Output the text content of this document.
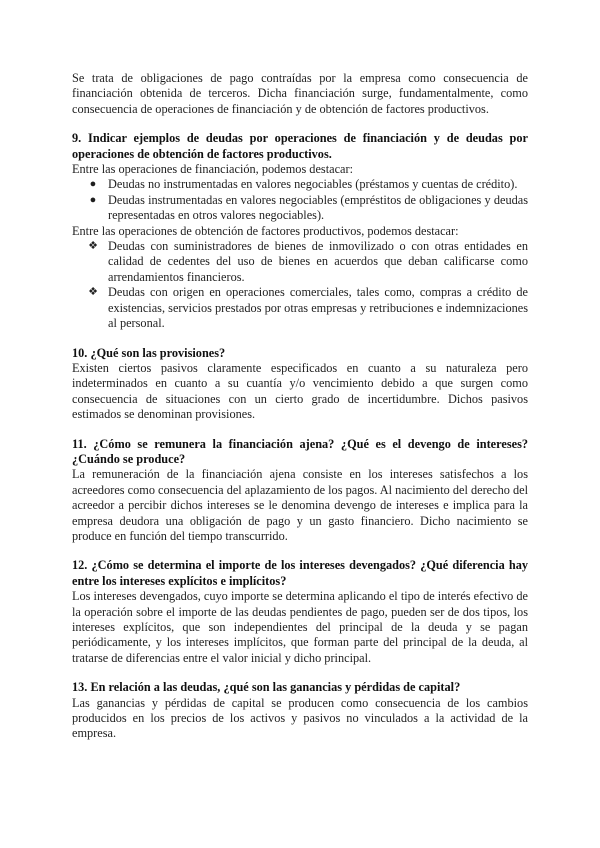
Se trata de obligaciones de pago contraídas por la empresa como consecuencia de financiación obtenida de terceros. Dicha financiación surge, fundamentalmente, como consecuencia de operaciones de financiación y de obtención de factores productivos.

9. Indicar ejemplos de deudas por operaciones de financiación y de deudas por operaciones de obtención de factores productivos.

Entre las operaciones de financiación, podemos destacar:

● Deudas no instrumentadas en valores negociables (préstamos y cuentas de crédito).
● Deudas instrumentadas en valores negociables (empréstitos de obligaciones y deudas representadas en otros valores negociables).

Entre las operaciones de obtención de factores productivos, podemos destacar:

❖ Deudas con suministradores de bienes de inmovilizado o con otras entidades en calidad de cedentes del uso de bienes en acuerdos que deban calificarse como arrendamientos financieros.
❖ Deudas con origen en operaciones comerciales, tales como, compras a crédito de existencias, servicios prestados por otras empresas y retribuciones e indemnizaciones al personal.
10. ¿Qué son las provisiones?

Existen ciertos pasivos claramente especificados en cuanto a su naturaleza pero indeterminados en cuanto a su cuantía y/o vencimiento debido a que surgen como consecuencia de situaciones con un cierto grado de incertidumbre. Dichos pasivos estimados se denominan provisiones.

11. ¿Cómo se remunera la financiación ajena? ¿Qué es el devengo de intereses? ¿Cuándo se produce?

La remuneración de la financiación ajena consiste en los intereses satisfechos a los acreedores como consecuencia del aplazamiento de los pagos. Al nacimiento del derecho del acreedor a percibir dichos intereses se le denomina devengo de intereses e implica para la empresa deudora una obligación de pago y un gasto financiero. Dicho nacimiento se produce en función del tiempo transcurrido.

12. ¿Cómo se determina el importe de los intereses devengados? ¿Qué diferencia hay entre los intereses explícitos e implícitos?

Los intereses devengados, cuyo importe se determina aplicando el tipo de interés efectivo de la operación sobre el importe de las deudas pendientes de pago, pueden ser de dos tipos, los intereses explícitos, que son independientes del principal de la deuda y se pagan periódicamente, y los intereses implícitos, que forman parte del principal de la deuda, al tratarse de diferencias entre el valor inicial y dicho principal.

13. En relación a las deudas, ¿qué son las ganancias y pérdidas de capital?

Las ganancias y pérdidas de capital se producen como consecuencia de los cambios producidos en los precios de los activos y pasivos no vinculados a la actividad de la empresa.
